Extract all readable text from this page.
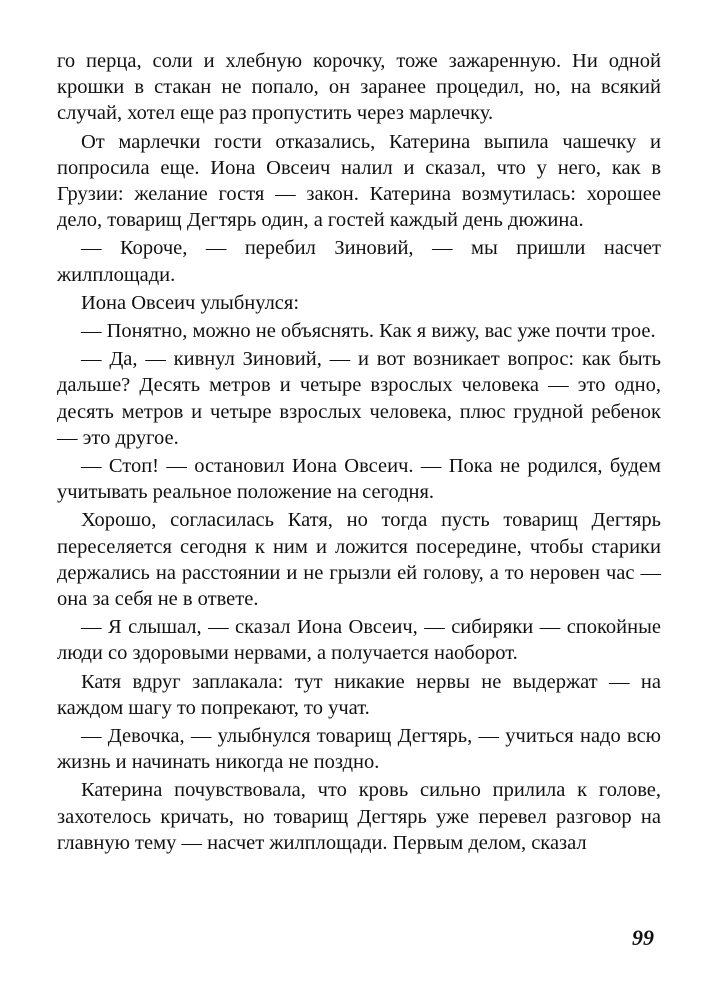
го перца, соли и хлебную корочку, тоже зажаренную. Ни одной крошки в стакан не попало, он заранее процедил, но, на всякий случай, хотел еще раз пропустить через марлечку.

От марлечки гости отказались, Катерина выпила чашечку и попросила еще. Иона Овсеич налил и сказал, что у него, как в Грузии: желание гостя — закон. Катерина возмутилась: хорошее дело, товарищ Дегтярь один, а гостей каждый день дюжина.

— Короче, — перебил Зиновий, — мы пришли насчет жилплощади.

Иона Овсеич улыбнулся:

— Понятно, можно не объяснять. Как я вижу, вас уже почти трое.

— Да, — кивнул Зиновий, — и вот возникает вопрос: как быть дальше? Десять метров и четыре взрослых человека — это одно, десять метров и четыре взрослых человека, плюс грудной ребенок — это другое.

— Стоп! — остановил Иона Овсеич. — Пока не родился, будем учитывать реальное положение на сегодня.

Хорошо, согласилась Катя, но тогда пусть товарищ Дегтярь переселяется сегодня к ним и ложится посередине, чтобы старики держались на расстоянии и не грызли ей голову, а то неровен час — она за себя не в ответе.

— Я слышал, — сказал Иона Овсеич, — сибиряки — спокойные люди со здоровыми нервами, а получается наоборот.

Катя вдруг заплакала: тут никакие нервы не выдержат — на каждом шагу то попрекают, то учат.

— Девочка, — улыбнулся товарищ Дегтярь, — учиться надо всю жизнь и начинать никогда не поздно.

Катерина почувствовала, что кровь сильно прилила к голове, захотелось кричать, но товарищ Дегтярь уже перевел разговор на главную тему — насчет жилплощади. Первым делом, сказал

99
